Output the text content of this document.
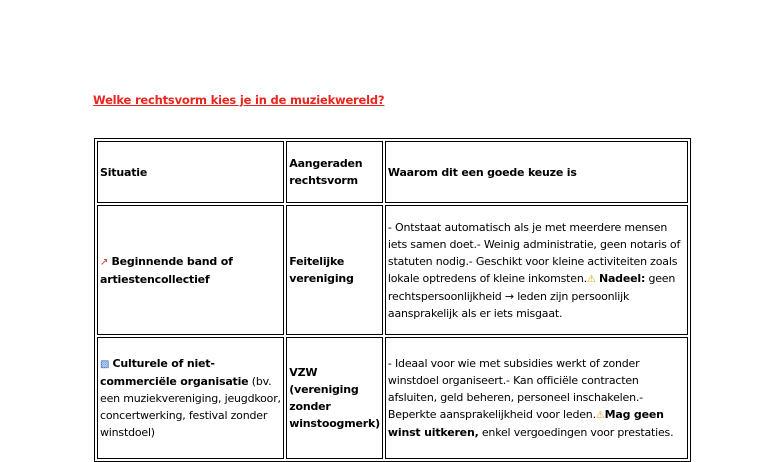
Welke rechtsvorm kies je in de muziekwereld?
Situatie	Aangeraden rechtsvorm	Waarom dit een goede keuze is
↗︎ Beginnende band of artiestencollectief	Feitelijke vereniging	- Ontstaat automatisch als je met meerdere mensen iets samen doet.- Weinig administratie, geen notaris of statuten nodig.- Geschikt voor kleine activiteiten zoals lokale optredens of kleine inkomsten.⚠ Nadeel: geen rechtspersoonlijkheid → leden zijn persoonlijk aansprakelijk als er iets misgaat.
▧ Culturele of niet-commerciële organisatie (bv. een muziekvereniging, jeugdkoor, concertwerking, festival zonder winstdoel)	VZW (vereniging zonder winstoogmerk)	- Ideaal voor wie met subsidies werkt of zonder winstdoel organiseert.- Kan officiële contracten afsluiten, geld beheren, personeel inschakelen.- Beperkte aansprakelijkheid voor leden.⚠Mag geen winst uitkeren, enkel vergoedingen voor prestaties.
